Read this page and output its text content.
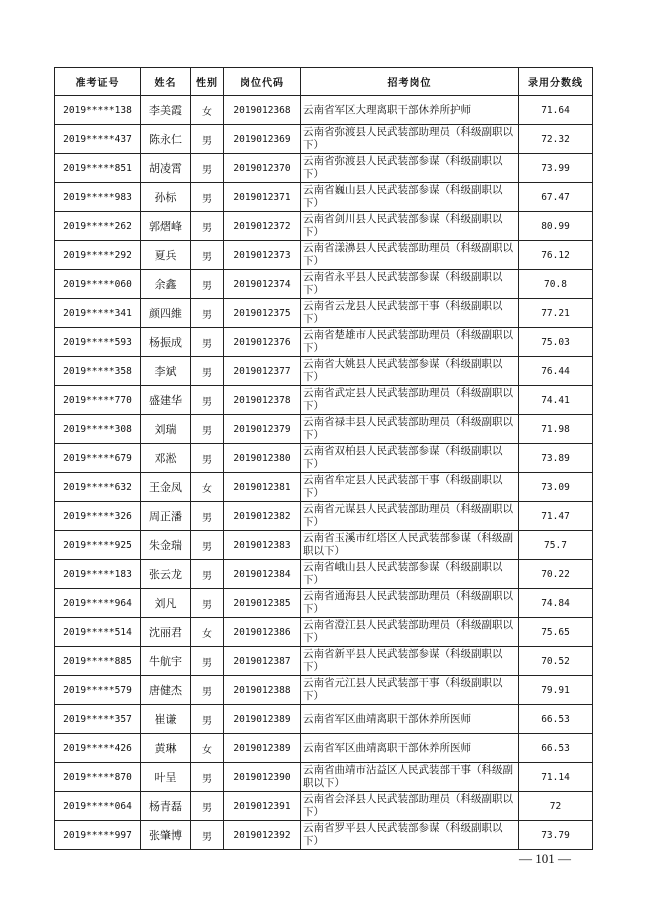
准考证号	姓名	性别	岗位代码	招考岗位	录用分数线
2019*****138	李美霞	女	2019012368	云南省军区大理离职干部休养所护师	71.64
2019*****437	陈永仁	男	2019012369	云南省弥渡县人民武装部助理员（科级副职以下）	72.32
2019*****851	胡凌霄	男	2019012370	云南省弥渡县人民武装部参谋（科级副职以下）	73.99
2019*****983	孙标	男	2019012371	云南省巍山县人民武装部参谋（科级副职以下）	67.47
2019*****262	郭熠峰	男	2019012372	云南省剑川县人民武装部参谋（科级副职以下）	80.99
2019*****292	夏兵	男	2019012373	云南省漾濞县人民武装部助理员（科级副职以下）	76.12
2019*****060	余鑫	男	2019012374	云南省永平县人民武装部参谋（科级副职以下）	70.8
2019*****341	颜四維	男	2019012375	云南省云龙县人民武装部干事（科级副职以下）	77.21
2019*****593	杨振成	男	2019012376	云南省楚雄市人民武装部助理员（科级副职以下）	75.03
2019*****358	李斌	男	2019012377	云南省大姚县人民武装部参谋（科级副职以下）	76.44
2019*****770	盛建华	男	2019012378	云南省武定县人民武装部助理员（科级副职以下）	74.41
2019*****308	刘瑞	男	2019012379	云南省禄丰县人民武装部助理员（科级副职以下）	71.98
2019*****679	邓淞	男	2019012380	云南省双柏县人民武装部参谋（科级副职以下）	73.89
2019*****632	王金凤	女	2019012381	云南省牟定县人民武装部干事（科级副职以下）	73.09
2019*****326	周正潘	男	2019012382	云南省元谋县人民武装部助理员（科级副职以下）	71.47
2019*****925	朱金瑞	男	2019012383	云南省玉溪市红塔区人民武装部参谋（科级副职以下）	75.7
2019*****183	张云龙	男	2019012384	云南省峨山县人民武装部参谋（科级副职以下）	70.22
2019*****964	刘凡	男	2019012385	云南省通海县人民武装部助理员（科级副职以下）	74.84
2019*****514	沈丽君	女	2019012386	云南省澄江县人民武装部助理员（科级副职以下）	75.65
2019*****885	牛航宇	男	2019012387	云南省新平县人民武装部参谋（科级副职以下）	70.52
2019*****579	唐健杰	男	2019012388	云南省元江县人民武装部干事（科级副职以下）	79.91
2019*****357	崔谦	男	2019012389	云南省军区曲靖离职干部休养所医师	66.53
2019*****426	黄琳	女	2019012389	云南省军区曲靖离职干部休养所医师	66.53
2019*****870	叶呈	男	2019012390	云南省曲靖市沾益区人民武装部干事（科级副职以下）	71.14
2019*****064	杨青磊	男	2019012391	云南省会泽县人民武装部助理员（科级副职以下）	72
2019*****997	张肇博	男	2019012392	云南省罗平县人民武装部参谋（科级副职以下）	73.79
— 101 —
